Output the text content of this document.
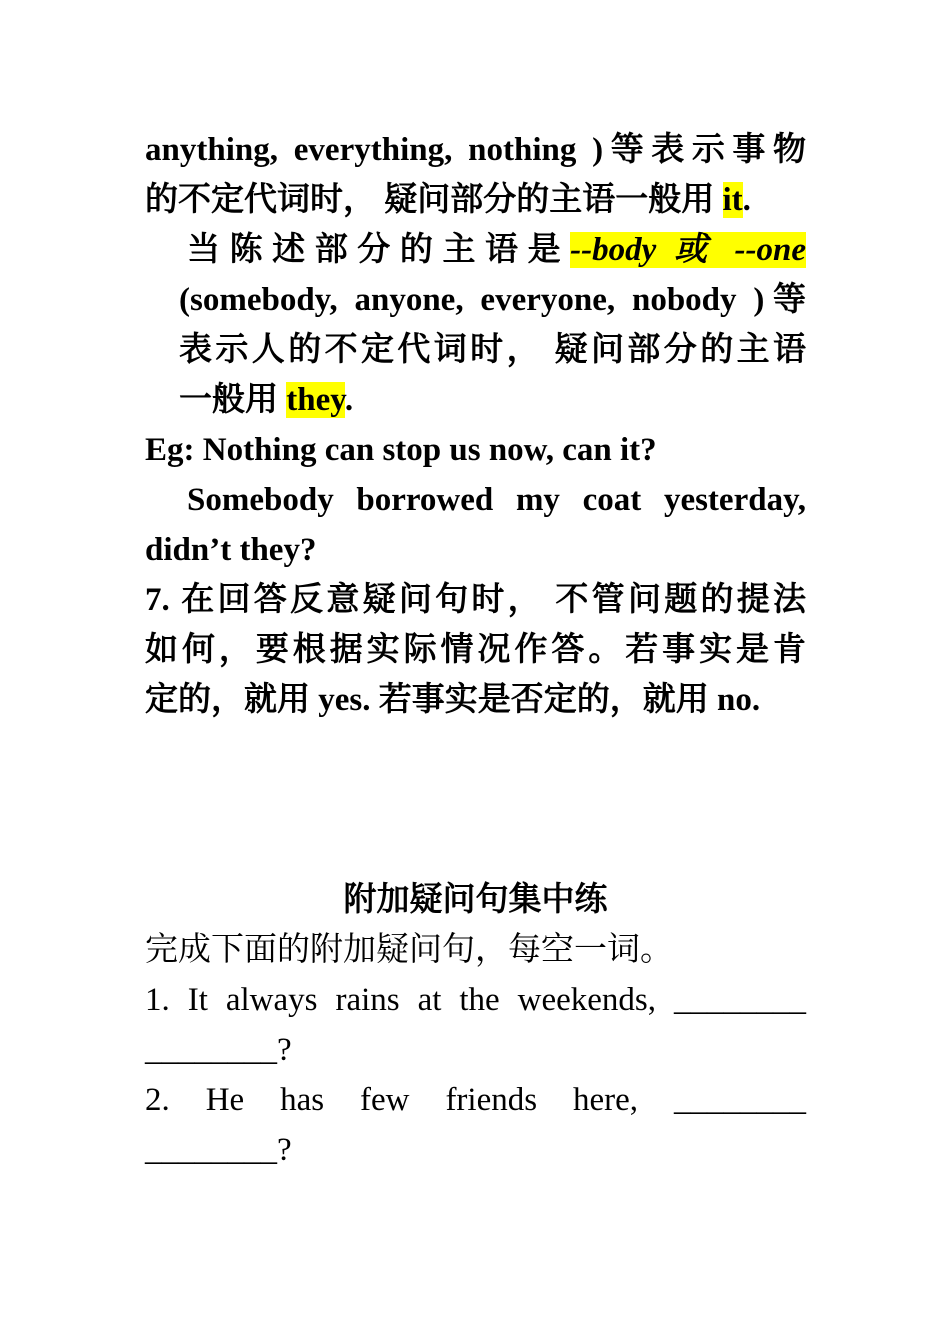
anything, everything, nothing )等表示事物
的不定代词时， 疑问部分的主语一般用 it.
当陈述部分的主语是--body 或 --one
(somebody, anyone, everyone, nobody )等
表示人的不定代词时， 疑问部分的主语
一般用 they.
Eg: Nothing can stop us now, can it?
Somebody borrowed my coat yesterday,
didn’t they?
7. 在回答反意疑问句时， 不管问题的提法
如何，要根据实际情况作答。若事实是肯
定的，就用 yes. 若事实是否定的，就用 no.
附加疑问句集中练
完成下面的附加疑问句，每空一词。
1. It always rains at the weekends, ________
________?
2. He has few friends here, ________
________?
